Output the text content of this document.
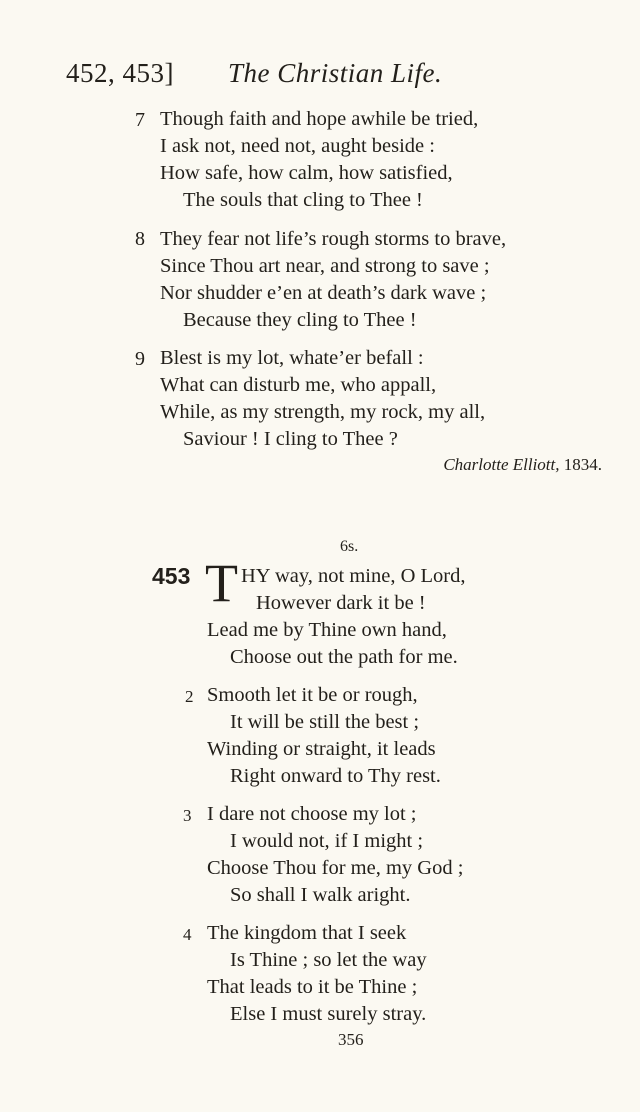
452, 453] The Christian Life.
7 Though faith and hope awhile be tried,
I ask not, need not, aught beside :
How safe, how calm, how satisfied,
The souls that cling to Thee !
8 They fear not life’s rough storms to brave,
Since Thou art near, and strong to save ;
Nor shudder e’en at death’s dark wave ;
Because they cling to Thee !
9 Blest is my lot, whate’er befall :
What can disturb me, who appall,
While, as my strength, my rock, my all,
Saviour ! I cling to Thee ?
Charlotte Elliott, 1834.
6s.
453 T HY way, not mine, O Lord,
However dark it be !
Lead me by Thine own hand,
Choose out the path for me.
2 Smooth let it be or rough,
It will be still the best ;
Winding or straight, it leads
Right onward to Thy rest.
3 I dare not choose my lot ;
I would not, if I might ;
Choose Thou for me, my God ;
So shall I walk aright.
4 The kingdom that I seek
Is Thine ; so let the way
That leads to it be Thine ;
Else I must surely stray.
356
